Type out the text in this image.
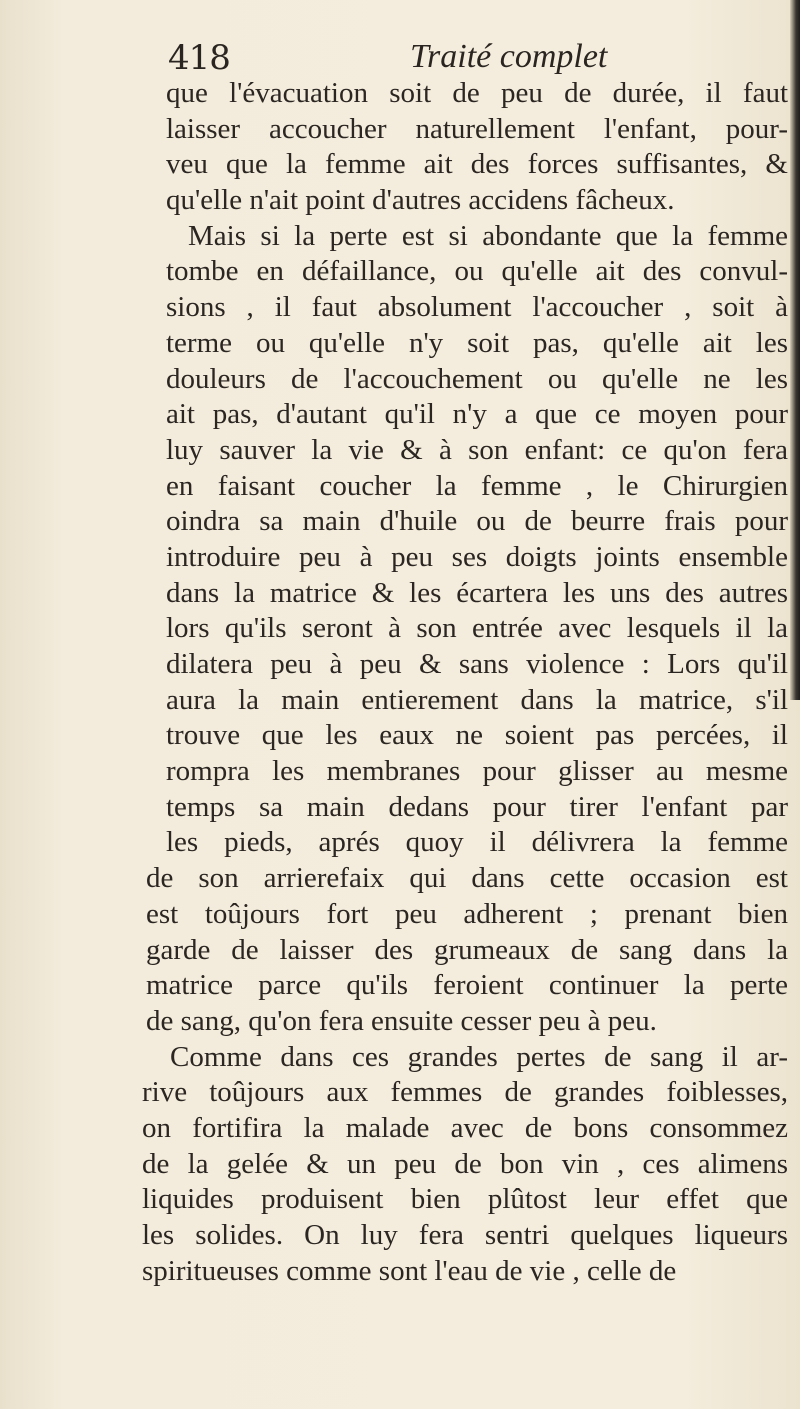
418	Traité complet
que l'évacuation soit de peu de durée, il faut
laisser accoucher naturellement l'enfant, pour-
veu que la femme ait des forces suffisantes, &
qu'elle n'ait point d'autres accidens fâcheux.
Mais si la perte est si abondante que la femme
tombe en défaillance, ou qu'elle ait des convul-
sions , il faut absolument l'accoucher , soit à
terme ou qu'elle n'y soit pas, qu'elle ait les
douleurs de l'accouchement ou qu'elle ne les
ait pas, d'autant qu'il n'y a que ce moyen pour
luy sauver la vie & à son enfant: ce qu'on fera
en faisant coucher la femme , le Chirurgien
oindra sa main d'huile ou de beurre frais pour
introduire peu à peu ses doigts joints ensemble
dans la matrice & les écartera les uns des autres
lors qu'ils seront à son entrée avec lesquels il la
dilatera peu à peu & sans violence : Lors qu'il
aura la main entierement dans la matrice, s'il
trouve que les eaux ne soient pas percées, il
rompra les membranes pour glisser au mesme
temps sa main dedans pour tirer l'enfant par
les pieds, aprés quoy il délivrera la femme
de son arrierefaix qui dans cette occasion est
est toûjours fort peu adherent ; prenant bien
garde de laisser des grumeaux de sang dans la
matrice parce qu'ils feroient continuer la perte
de sang, qu'on fera ensuite cesser peu à peu.
Comme dans ces grandes pertes de sang il ar-
rive toûjours aux femmes de grandes foiblesses,
on fortifira la malade avec de bons consommez
de la gelée & un peu de bon vin , ces alimens
liquides produisent bien plûtost leur effet que
les solides. On luy fera sentri quelques liqueurs
spiritueuses comme sont l'eau de vie , celle de
